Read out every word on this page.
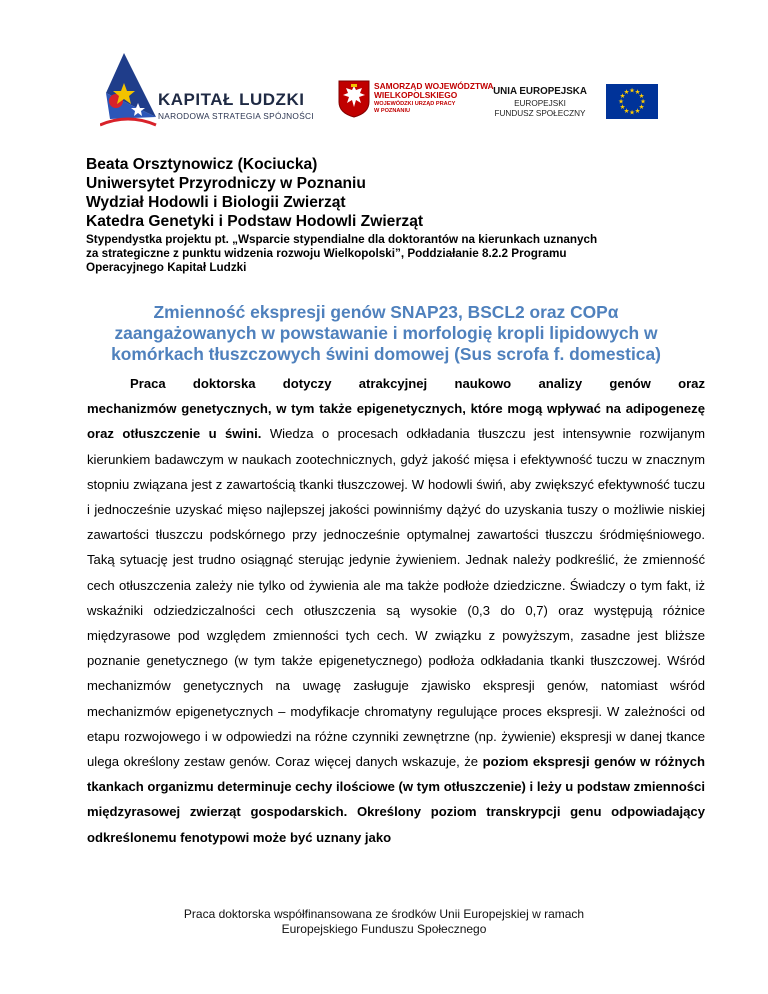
KAPITAŁ LUDZKI
NARODOWA STRATEGIA SPÓJNOŚCI
SAMORZĄD WOJEWÓDZTWA
WIELKOPOLSKIEGO
WOJEWÓDZKI URZĄD PRACY
W POZNANIU
UNIA EUROPEJSKA
EUROPEJSKI
FUNDUSZ SPOŁECZNY
★ ★
★
★
★
★
★
★
★
★
★
★
Beata Orsztynowicz (Kociucka)
Uniwersytet Przyrodniczy w Poznaniu
Wydział Hodowli i Biologii Zwierząt
Katedra Genetyki i Podstaw Hodowli Zwierząt
Stypendystka projektu pt. „Wsparcie stypendialne dla doktorantów na kierunkach uznanych
za strategiczne z punktu widzenia rozwoju Wielkopolski”, Poddziałanie 8.2.2 Programu
Operacyjnego Kapitał Ludzki
Zmienność ekspresji genów SNAP23, BSCL2 oraz COPα
zaangażowanych w powstawanie i morfologię kropli lipidowych w
komórkach tłuszczowych świni domowej (Sus scrofa f. domestica)
Praca doktorska dotyczy atrakcyjnej naukowo analizy genów oraz
mechanizmów genetycznych, w tym także epigenetycznych, które mogą wpływać na adipogenezę oraz otłuszczenie u świni. Wiedza o procesach odkładania tłuszczu jest intensywnie rozwijanym kierunkiem badawczym w naukach zootechnicznych, gdyż jakość mięsa i efektywność tuczu w znacznym stopniu związana jest z zawartością tkanki tłuszczowej. W hodowli świń, aby zwiększyć efektywność tuczu i jednocześnie uzyskać mięso najlepszej jakości powinniśmy dążyć do uzyskania tuszy o możliwie niskiej zawartości tłuszczu podskórnego przy jednocześnie optymalnej zawartości tłuszczu śródmięśniowego. Taką sytuację jest trudno osiągnąć sterując jedynie żywieniem. Jednak należy podkreślić, że zmienność cech otłuszczenia zależy nie tylko od żywienia ale ma także podłoże dziedziczne. Świadczy o tym fakt, iż wskaźniki odziedziczalności cech otłuszczenia są wysokie (0,3 do 0,7) oraz występują różnice międzyrasowe pod względem zmienności tych cech. W związku z powyższym, zasadne jest bliższe poznanie genetycznego (w tym także epigenetycznego) podłoża odkładania tkanki tłuszczowej. Wśród mechanizmów genetycznych na uwagę zasługuje zjawisko ekspresji genów, natomiast wśród mechanizmów epigenetycznych – modyfikacje chromatyny regulujące proces ekspresji. W zależności od etapu rozwojowego i w odpowiedzi na różne czynniki zewnętrzne (np. żywienie) ekspresji w danej tkance ulega określony zestaw genów. Coraz więcej danych wskazuje, że poziom ekspresji genów w różnych tkankach organizmu determinuje cechy ilościowe (w tym otłuszczenie) i leży u podstaw zmienności międzyrasowej zwierząt gospodarskich. Określony poziom transkrypcji genu odpowiadający odkreślonemu fenotypowi może być uznany jako
Praca doktorska współfinansowana ze środków Unii Europejskiej w ramach
Europejskiego Funduszu Społecznego
